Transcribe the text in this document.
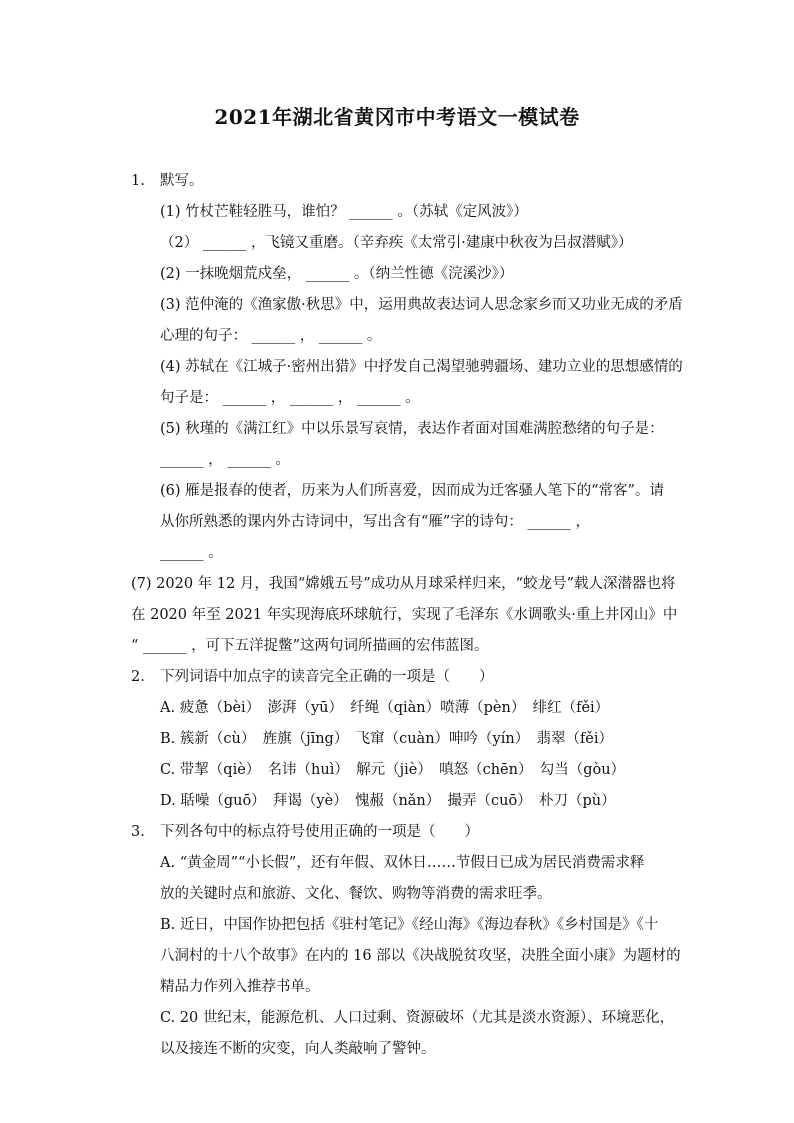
2021年湖北省黄冈市中考语文一模试卷
1. 默写。
(1) 竹杖芒鞋轻胜马，谁怕？ ______ 。（苏轼《定风波》）
（2） ______ ，飞镜又重磨。（辛弃疾《太常引·建康中秋夜为吕叔潜赋》）
(2) 一抹晚烟荒戍垒， ______ 。（纳兰性德《浣溪沙》）
(3) 范仲淹的《渔家傲·秋思》中，运用典故表达词人思念家乡而又功业无成的矛盾
心理的句子： ______ ， ______ 。
(4) 苏轼在《江城子·密州出猎》中抒发自己渴望驰骋疆场、建功立业的思想感情的
句子是： ______ ， ______ ， ______ 。
(5) 秋瑾的《满江红》中以乐景写哀情，表达作者面对国难满腔愁绪的句子是：
______ ， ______ 。
(6) 雁是报春的使者，历来为人们所喜爱，因而成为迁客骚人笔下的“常客”。请
从你所熟悉的课内外古诗词中，写出含有“雁”字的诗句： ______ ，
______ 。
(7) 2020 年 12 月，我国“嫦娥五号”成功从月球采样归来，“蛟龙号”载人深潜器也将
在 2020 年至 2021 年实现海底环球航行，实现了毛泽东《水调歌头·重上井冈山》中
“ ______ ，可下五洋捉鳖”这两句词所描画的宏伟蓝图。
2. 下列词语中加点字的读音完全正确的一项是（　　）
A. 疲惫（bèi）　澎湃（yū）　纤绳（qiàn）喷薄（pèn）　绯红（fěi）
B. 簇新（cù）　旌旗（jīng）　飞窜（cuàn）呻吟（yín）　翡翠（fěi）
C. 带挈（qiè）　名讳（huì）　解元（jiè）　嗔怒（chēn）　勾当（gòu）
D. 聒噪（guō）　拜谒（yè）　愧赧（nǎn）　撮弄（cuō）　朴刀（pù）
3. 下列各句中的标点符号使用正确的一项是（　　）
A. “黄金周”“小长假”，还有年假、双休日……节假日已成为居民消费需求释
放的关键时点和旅游、文化、餐饮、购物等消费的需求旺季。
B. 近日，中国作协把包括《驻村笔记》《经山海》《海边春秋》《乡村国是》《十
八洞村的十八个故事》在内的 16 部以《决战脱贫攻坚，决胜全面小康》为题材的
精品力作列入推荐书单。
C. 20 世纪末，能源危机、人口过剩、资源破坏（尤其是淡水资源）、环境恶化，
以及接连不断的灾变，向人类敲响了警钟。
